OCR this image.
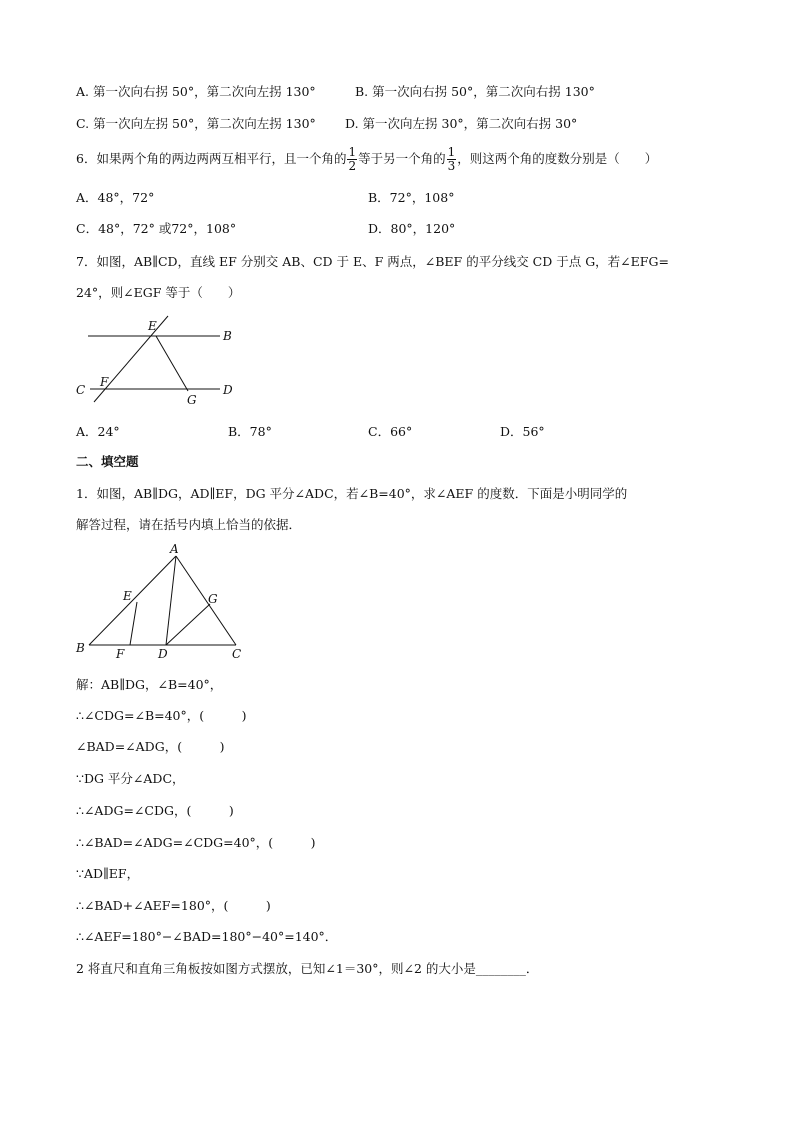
A. 第一次向右拐 50°，第二次向左拐 130°	B. 第一次向右拐 50°，第二次向右拐 130°
C. 第一次向左拐 50°，第二次向左拐 130° D. 第一次向左拐 30°，第二次向右拐 30°
6．如果两个角的两边两两互相平行，且一个角的 $\frac{1}{2}$ 等于另一个角的 $\frac{1}{3}$ ，则这两个角的度数分别是（　　）
A．48°，72°	B．72°，108°
C．48°，72° 或72°，108°	D．80°，120°
7．如图，AB∥CD，直线 EF 分别交 AB、CD 于 E、F 两点，∠BEF 的平分线交 CD 于点 G，若∠EFG=
24°，则∠EGF 等于（　　）
E
B
C
F
D
G
A．24°	B．78°	C．66°	D．56°
二、填空题
1．如图，AB∥DG，AD∥EF，DG 平分∠ADC，若∠B=40°，求∠AEF 的度数．下面是小明同学的
解答过程，请在括号内填上恰当的依据．
A
E	G
B	F	D	C
解：AB∥DG，∠B=40°，
∴∠CDG=∠B=40°，(　　　)
∠BAD=∠ADG，(　　　)
∵DG 平分∠ADC，
∴∠ADG=∠CDG，(　　　)
∴∠BAD=∠ADG=∠CDG=40°，(　　　)
∵AD∥EF，
∴∠BAD+∠AEF=180°，(　　　)
∴∠AEF=180°−∠BAD=180°−40°=140°．
2 将直尺和直角三角板按如图方式摆放，已知∠1＝30°，则∠2 的大小是________．
